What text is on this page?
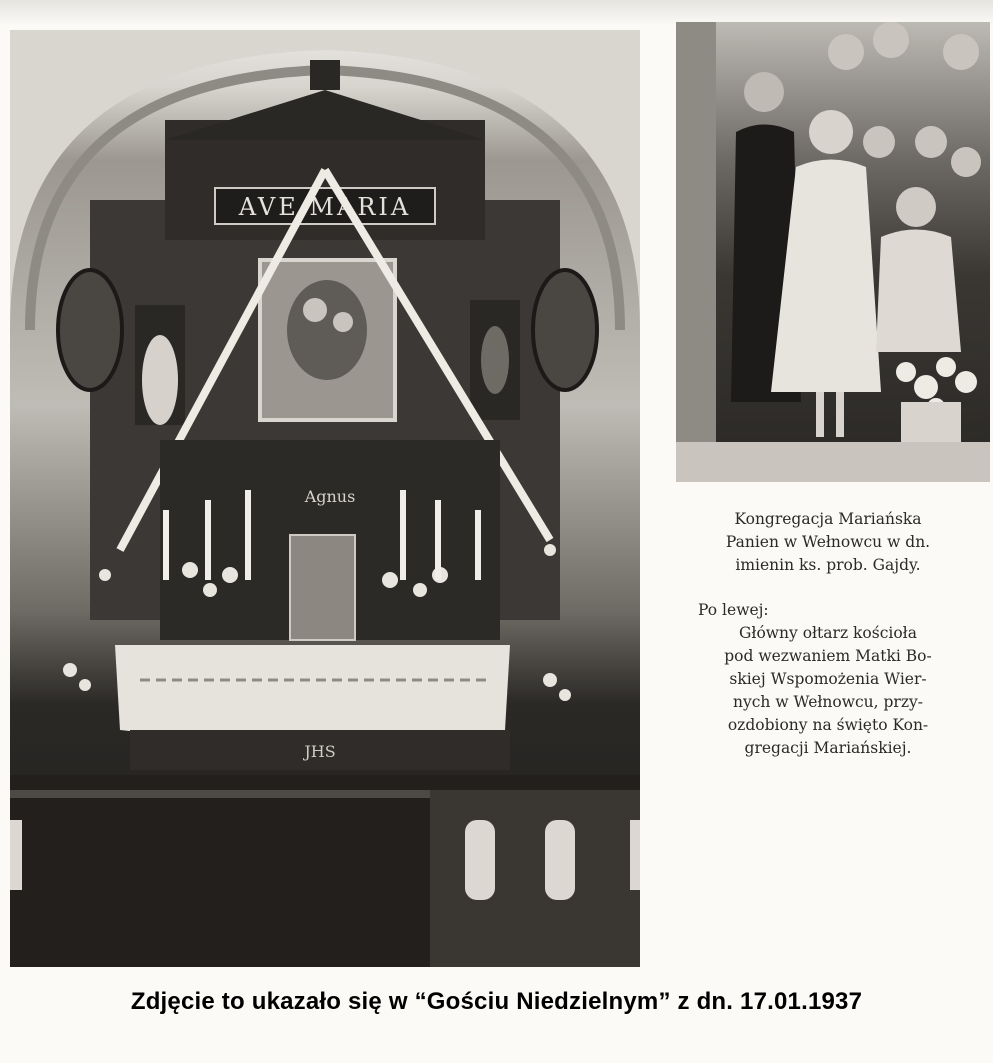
AVE MARIA
Agnus
JHS

Kongregacja Mariańska

Panien w Wełnowcu w dn.

imienin ks. prob. Gajdy.

Po lewej:

Główny ołtarz kościoła

pod wezwaniem Matki Bo-

skiej Wspomożenia Wier-

nych w Wełnowcu, przy-

ozdobiony na święto Kon-

gregacji Mariańskiej.

Zdjęcie to ukazało się w “Gościu Niedzielnym” z dn. 17.01.1937
